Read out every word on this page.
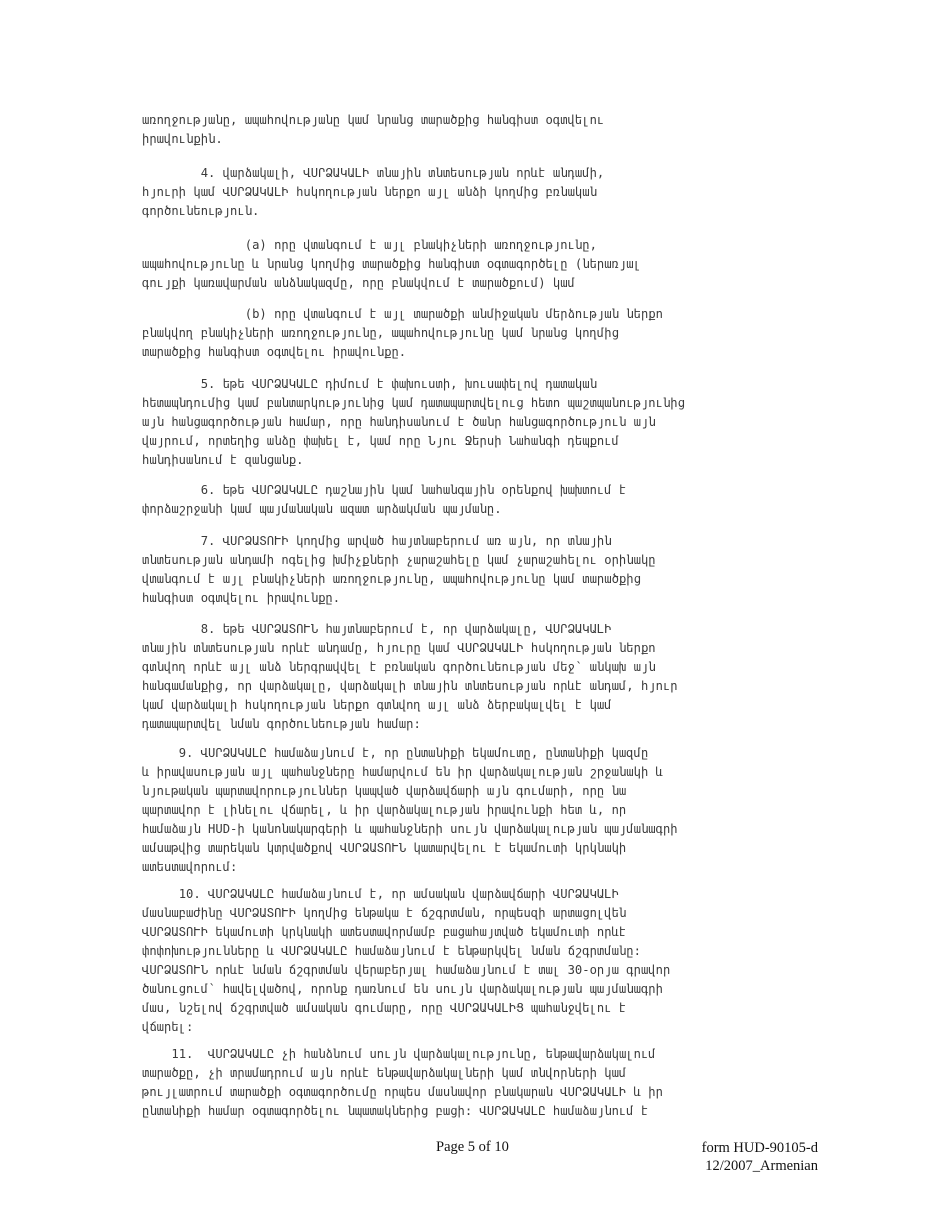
առողջությանը, ապահովությանը կամ նրանց տարածքից հանգիստ օգտվելու
իրավունքին.

4. վարձակալի, ՎՍՐՁԱԿԱԼԻ տնային տնտեսության որևէ անդամի,
հյուրի կամ ՎՍՐՁԱԿԱԼԻ հսկողության ներքո այլ անձի կողմից բռնական
գործունեություն.

(a) որը վտանգում է այլ բնակիչների առողջությունը,
ապահովությունը և նրանց կողմից տարածքից հանգիստ օգտագործելը (ներառյալ
գույքի կառավարման անձնակազմը, որը բնակվում է տարածքում) կամ

(b) որը վտանգում է այլ տարածքի անմիջական մերձության ներքո
բնակվող բնակիչների առողջությունը, ապահովությունը կամ նրանց կողմից
տարածքից հանգիստ օգտվելու իրավունքը.

5. եթե ՎՍՐՁԱԿԱԼԸ դիմում է փախուստի, խուսափելով դատական
հետապնդումից կամ բանտարկությունից կամ դատապարտվելուց հետո պաշտպանությունից
այն հանցագործության համար, որը հանդիսանում է ծանր հանցագործություն այն
վայրում, որտեղից անձը փախել է, կամ որը Նյու Ջերսի Նահանգի դեպքում
հանդիսանում է զանցանք.

6. եթե ՎՍՐՁԱԿԱԼԸ դաշնային կամ նահանգային օրենքով խախտում է
փորձաշրջանի կամ պայմանական ազատ արձակման պայմանը.

7. ՎՍՐՁԱՏՈՒԻ կողմից արված հայտնաբերում առ այն, որ տնային
տնտեսության անդամի ոգելից խմիչքների չարաշահելը կամ չարաշահելու օրինակը
վտանգում է այլ բնակիչների առողջությունը, ապահովությունը կամ տարածքից
հանգիստ օգտվելու իրավունքը.

8. եթե ՎՍՐՁԱՏՈՒՆ հայտնաբերում է, որ վարձակալը, ՎՍՐՁԱԿԱԼԻ
տնային տնտեսության որևէ անդամը, հյուրը կամ ՎՍՐՁԱԿԱԼԻ հսկողության ներքո
գտնվող որևէ այլ անձ ներգրավվել է բռնական գործունեության մեջ՝ անկախ այն
հանգամանքից, որ վարձակալը, վարձակալի տնային տնտեսության որևէ անդամ, հյուր
կամ վարձակալի հսկողության ներքո գտնվող այլ անձ ձերբակալվել է կամ
դատապարտվել նման գործունեության համար:

9. ՎՍՐՁԱԿԱԼԸ համաձայնում է, որ ընտանիքի եկամուտը, ընտանիքի կազմը
և իրավասության այլ պահանջները համարվում են իր վարձակալության շրջանակի և
նյութական պարտավորություններ կապված վարձավճարի այն գումարի, որը նա
պարտավոր է լինելու վճարել, և իր վարձակալության իրավունքի հետ և, որ
համաձայն HUD-ի կանոնակարգերի և պահանջների սույն վարձակալության պայմանագրի
ամսաթվից տարեկան կտրվածքով ՎՍՐՁԱՏՈՒՆ կատարվելու է եկամուտի կրկնակի
ատեստավորում:

10. ՎՍՐՁԱԿԱԼԸ համաձայնում է, որ ամսական վարձավճարի ՎՍՐՁԱԿԱԼԻ
մասնաբաժինը ՎՍՐՁԱՏՈՒԻ կողմից ենթակա է ճշգրտման, որպեսզի արտացոլվեն
ՎՍՐՁԱՏՈՒԻ եկամուտի կրկնակի ատեստավորմամբ բացահայտված եկամուտի որևէ
փոփոխությունները և ՎՍՐՁԱԿԱԼԸ համաձայնում է ենթարկվել նման ճշգրտմանը:
ՎՍՐՁԱՏՈՒՆ որևէ նման ճշգրտման վերաբերյալ համաձայնում է տալ 30-օրյա գրավոր
ծանուցում՝ հավելվածով, որոնք դառնում են սույն վարձակալության պայմանագրի
մաս, նշելով ճշգրտված ամսական գումարը, որը ՎՍՐՁԱԿԱԼԻՑ պահանջվելու է
վճարել:

11.  ՎՍՐՁԱԿԱԼԸ չի հանձնում սույն վարձակալությունը, ենթավարձակալում
տարածքը, չի տրամադրում այն որևէ ենթավարձակալների կամ տնվորների կամ
թույլատրում տարածքի օգտագործումը որպես մասնավոր բնակարան ՎՍՐՁԱԿԱԼԻ և իր
ընտանիքի համար օգտագործելու նպատակներից բացի: ՎՍՐՁԱԿԱԼԸ համաձայնում է

Page 5 of 10	form HUD-90105-d
12/2007_Armenian
